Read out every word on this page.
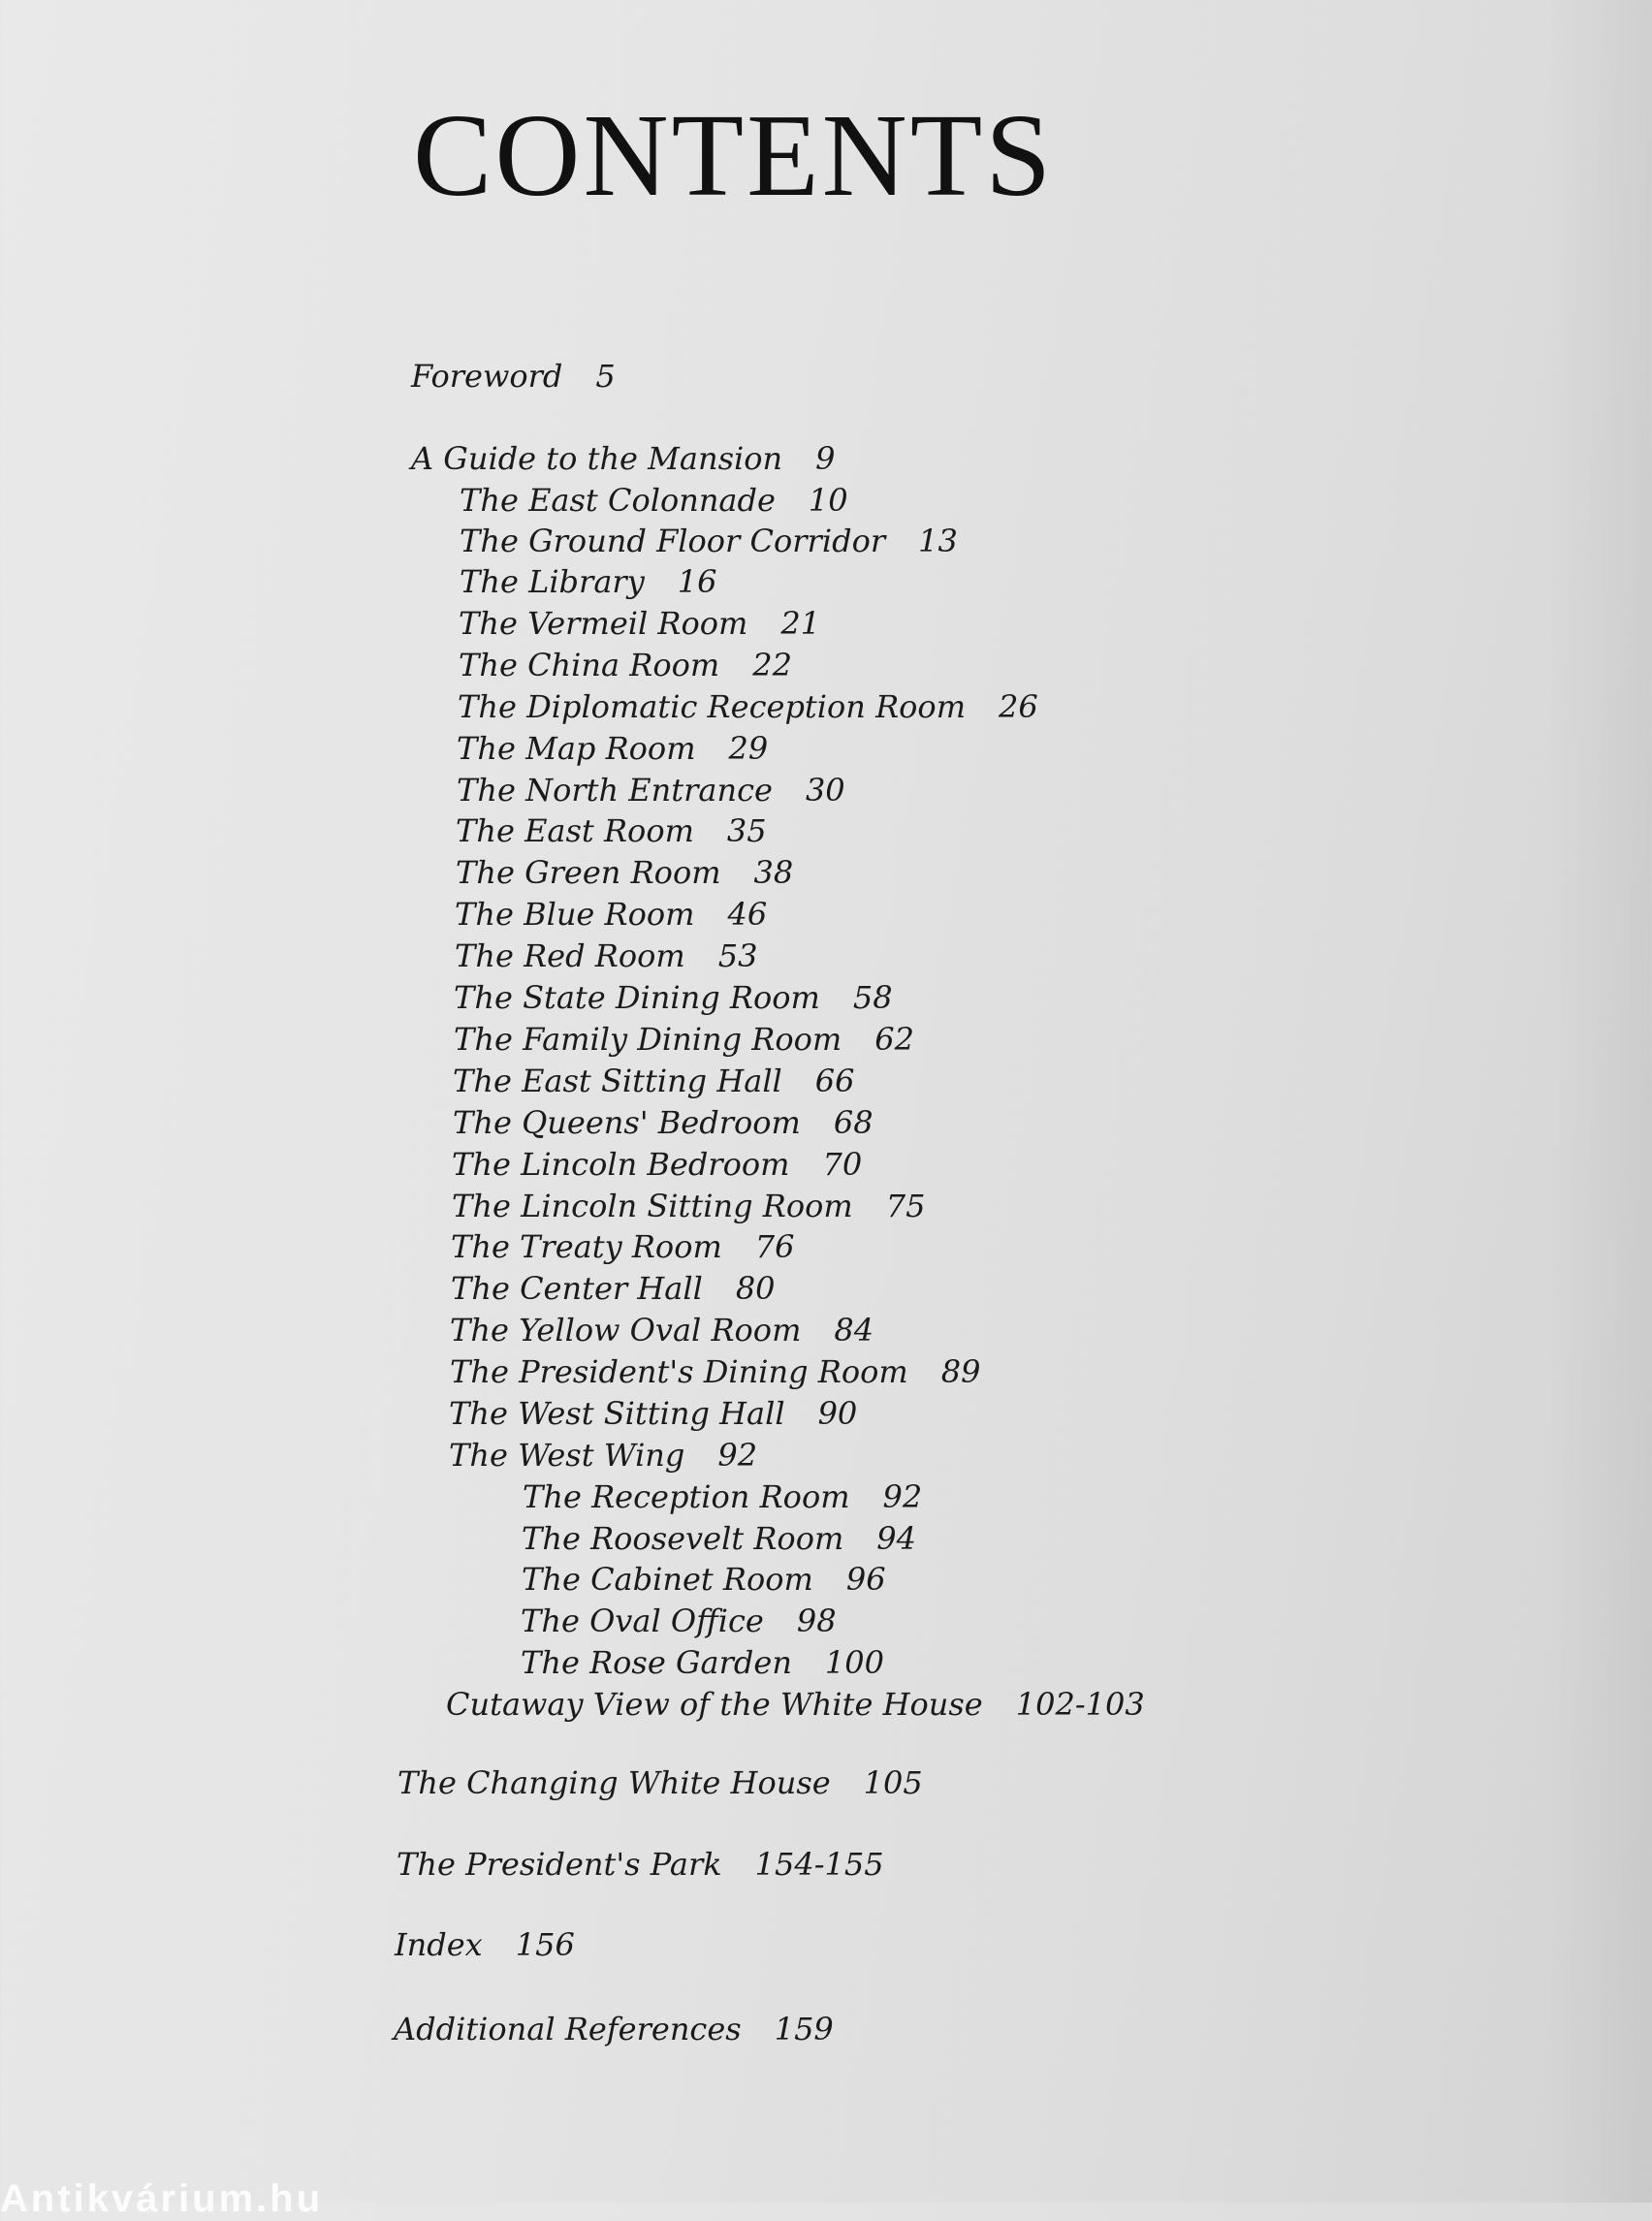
CONTENTS
Foreword 5
A Guide to the Mansion 9
The East Colonnade 10
The Ground Floor Corridor 13
The Library 16
The Vermeil Room 21
The China Room 22
The Diplomatic Reception Room 26
The Map Room 29
The North Entrance 30
The East Room 35
The Green Room 38
The Blue Room 46
The Red Room 53
The State Dining Room 58
The Family Dining Room 62
The East Sitting Hall 66
The Queens' Bedroom 68
The Lincoln Bedroom 70
The Lincoln Sitting Room 75
The Treaty Room 76
The Center Hall 80
The Yellow Oval Room 84
The President's Dining Room 89
The West Sitting Hall 90
The West Wing 92
The Reception Room 92
The Roosevelt Room 94
The Cabinet Room 96
The Oval Office 98
The Rose Garden 100
Cutaway View of the White House 102-103
The Changing White House 105
The President's Park 154-155
Index 156
Additional References 159
Antikvárium.hu
